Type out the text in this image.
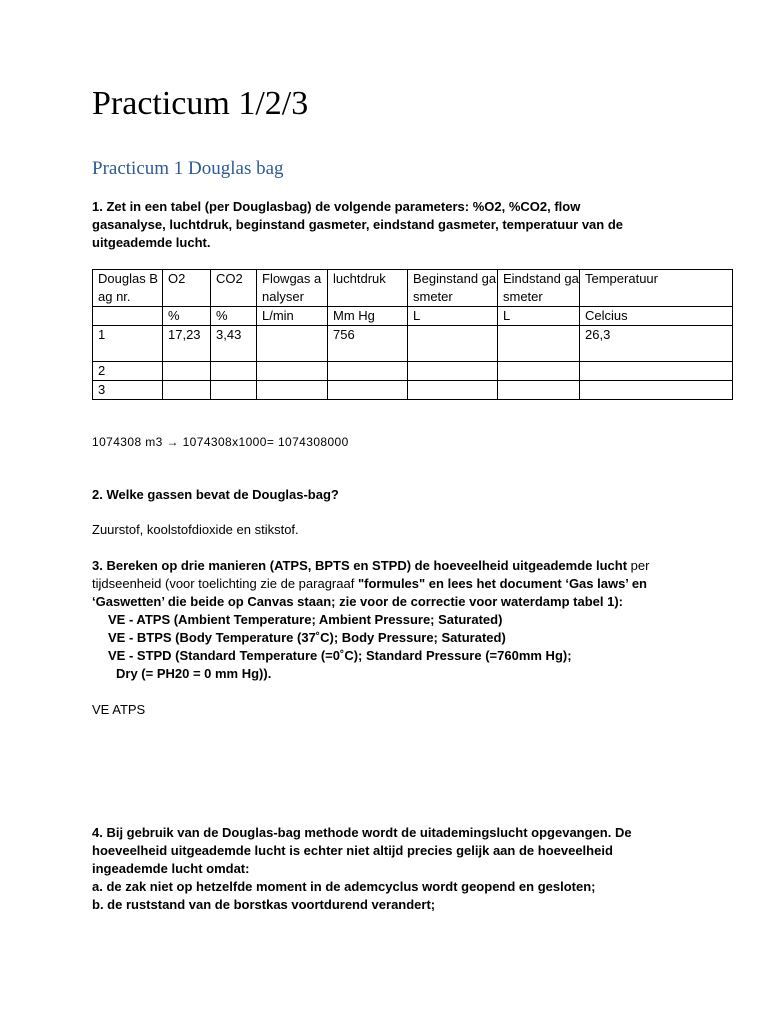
Practicum 1/2/3
Practicum 1 Douglas bag

1. Zet in een tabel (per Douglasbag) de volgende parameters: %O2, %CO2, flow gasanalyse, luchtdruk, beginstand gasmeter, eindstand gasmeter, temperatuur van de uitgeademde lucht.

Douglas Bag nr.	O2	CO2	Flowgas analyser	luchtdruk	Beginstand gasmeter	Eindstand gasmeter	Temperatuur
	%	%	L/min	Mm Hg	L	L	Celcius
1	17,23	3,43		756			26,3
2							
3							

1074308 m3 → 1074308x1000= 1074308000

2. Welke gassen bevat de Douglas-bag?

Zuurstof, koolstofdioxide en stikstof.

3. Bereken op drie manieren (ATPS, BPTS en STPD) de hoeveelheid uitgeademde lucht per tijdseenheid (voor toelichting zie de paragraaf "formules" en lees het document ‘Gas laws’ en ‘Gaswetten’ die beide op Canvas staan; zie voor de correctie voor waterdamp tabel 1):
VE - ATPS (Ambient Temperature; Ambient Pressure; Saturated)
VE - BTPS (Body Temperature (37˚C); Body Pressure; Saturated)
VE - STPD (Standard Temperature (=0˚C); Standard Pressure (=760mm Hg);
Dry (= PH20 = 0 mm Hg)).

VE ATPS

4. Bij gebruik van de Douglas-bag methode wordt de uitademingslucht opgevangen. De hoeveelheid uitgeademde lucht is echter niet altijd precies gelijk aan de hoeveelheid ingeademde lucht omdat:
a. de zak niet op hetzelfde moment in de ademcyclus wordt geopend en gesloten;
b. de ruststand van de borstkas voortdurend verandert;
